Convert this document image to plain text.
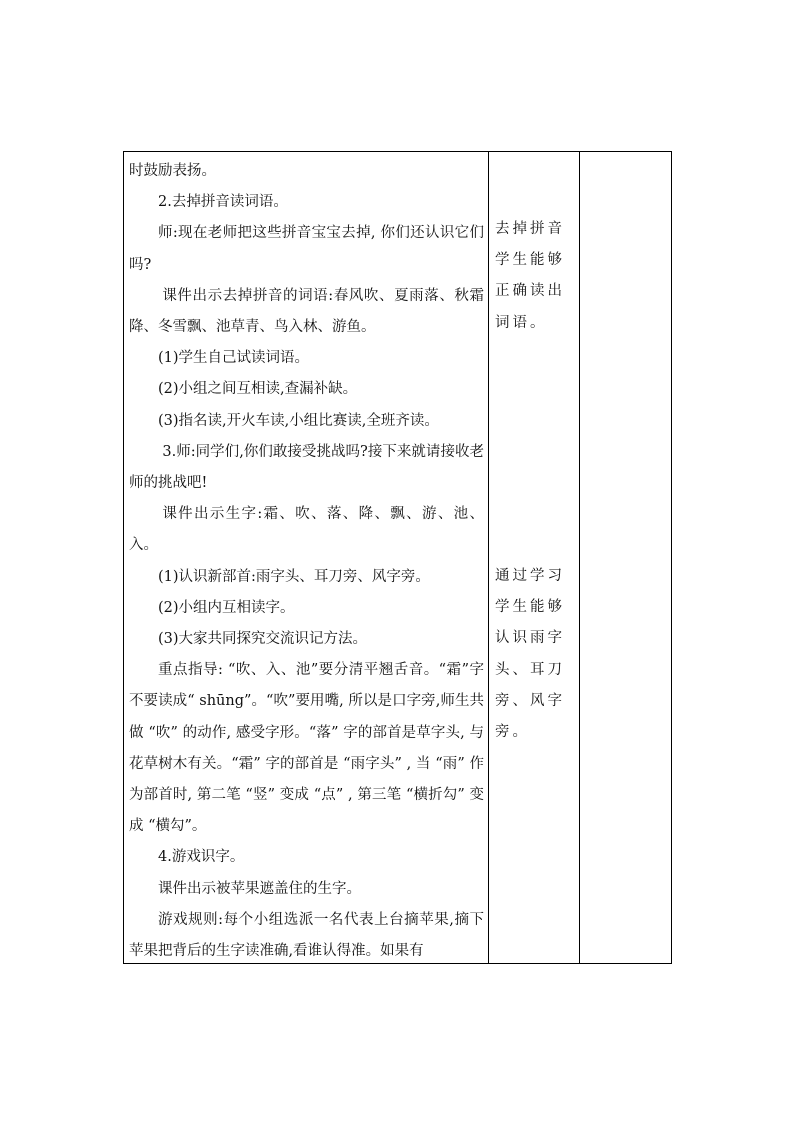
时鼓励表扬。

2.去掉拼音读词语。

师:现在老师把这些拼音宝宝去掉, 你们还认识它们吗?

课件出示去掉拼音的词语:春风吹、夏雨落、秋霜降、冬雪飘、池草青、鸟入林、游鱼。

(1)学生自己试读词语。

(2)小组之间互相读,查漏补缺。

(3)指名读,开火车读,小组比赛读,全班齐读。

3.师:同学们,你们敢接受挑战吗?接下来就请接收老师的挑战吧!

课件出示生字:霜、吹、落、降、飘、游、池、入。

(1)认识新部首:雨字头、耳刀旁、风字旁。

(2)小组内互相读字。

(3)大家共同探究交流识记方法。

重点指导: “吹、入、池”要分清平翘舌音。“霜”字不要读成“ shūng”。“吹”要用嘴, 所以是口字旁,师生共做 “吹” 的动作, 感受字形。“落” 字的部首是草字头, 与花草树木有关。“霜” 字的部首是 “雨字头” , 当 “雨” 作为部首时, 第二笔 “竖” 变成 “点” , 第三笔 “横折勾” 变成 “横勾”。

4.游戏识字。

课件出示被苹果遮盖住的生字。

游戏规则:每个小组选派一名代表上台摘苹果,摘下苹果把背后的生字读准确,看谁认得准。如果有

去掉拼音学生能够正确读出词语。

通过学习学生能够认识雨字头、耳刀旁、风字旁。
